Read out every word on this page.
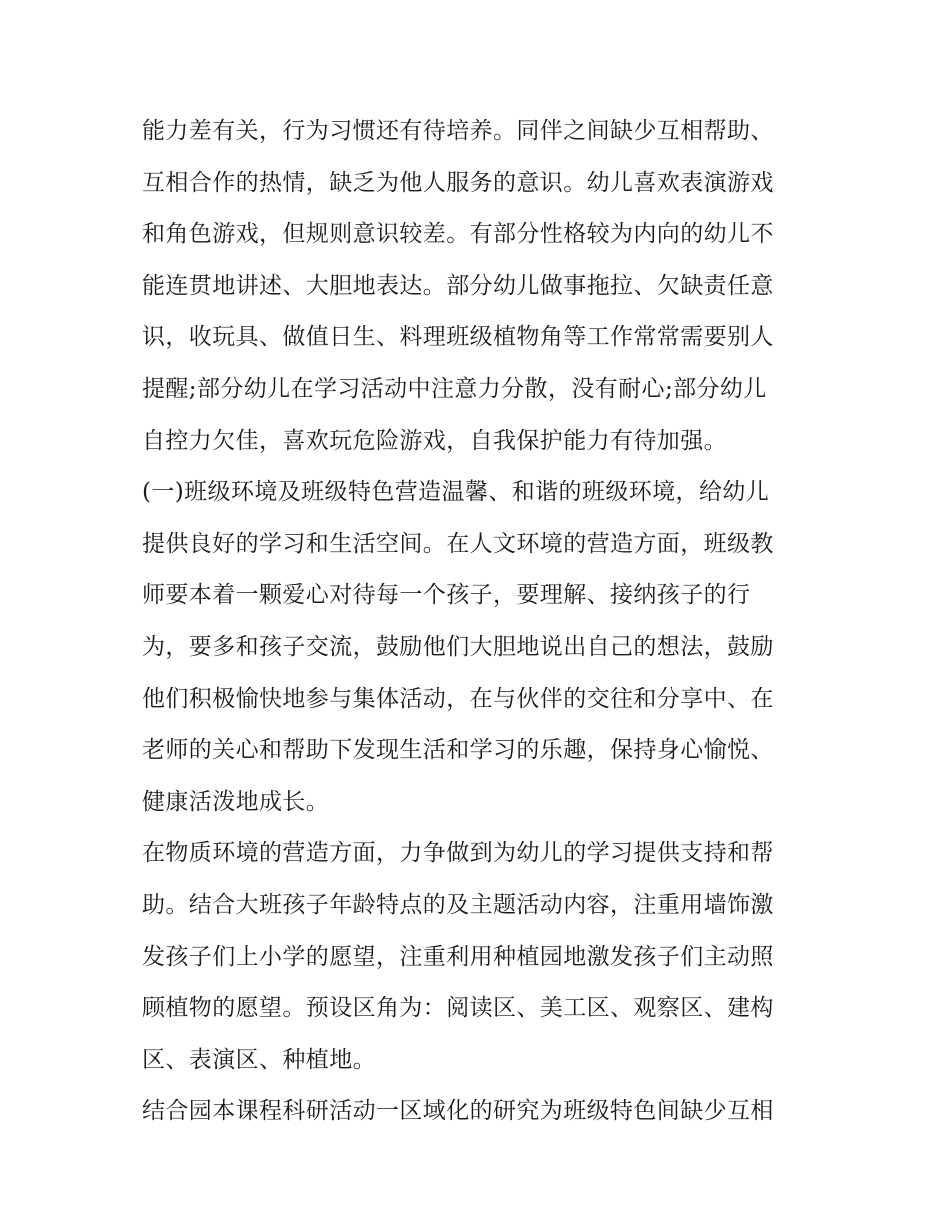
能力差有关，行为习惯还有待培养。同伴之间缺少互相帮助、
互相合作的热情，缺乏为他人服务的意识。幼儿喜欢表演游戏
和角色游戏，但规则意识较差。有部分性格较为内向的幼儿不
能连贯地讲述、大胆地表达。部分幼儿做事拖拉、欠缺责任意
识，收玩具、做值日生、料理班级植物角等工作常常需要别人
提醒;部分幼儿在学习活动中注意力分散，没有耐心;部分幼儿
自控力欠佳，喜欢玩危险游戏，自我保护能力有待加强。
(一)班级环境及班级特色营造温馨、和谐的班级环境，给幼儿
提供良好的学习和生活空间。在人文环境的营造方面，班级教
师要本着一颗爱心对待每一个孩子，要理解、接纳孩子的行
为，要多和孩子交流，鼓励他们大胆地说出自己的想法，鼓励
他们积极愉快地参与集体活动，在与伙伴的交往和分享中、在
老师的关心和帮助下发现生活和学习的乐趣，保持身心愉悦、
健康活泼地成长。
在物质环境的营造方面，力争做到为幼儿的学习提供支持和帮
助。结合大班孩子年龄特点的及主题活动内容，注重用墙饰激
发孩子们上小学的愿望，注重利用种植园地激发孩子们主动照
顾植物的愿望。预设区角为：阅读区、美工区、观察区、建构
区、表演区、种植地。
结合园本课程科研活动一区域化的研究为班级特色间缺少互相
